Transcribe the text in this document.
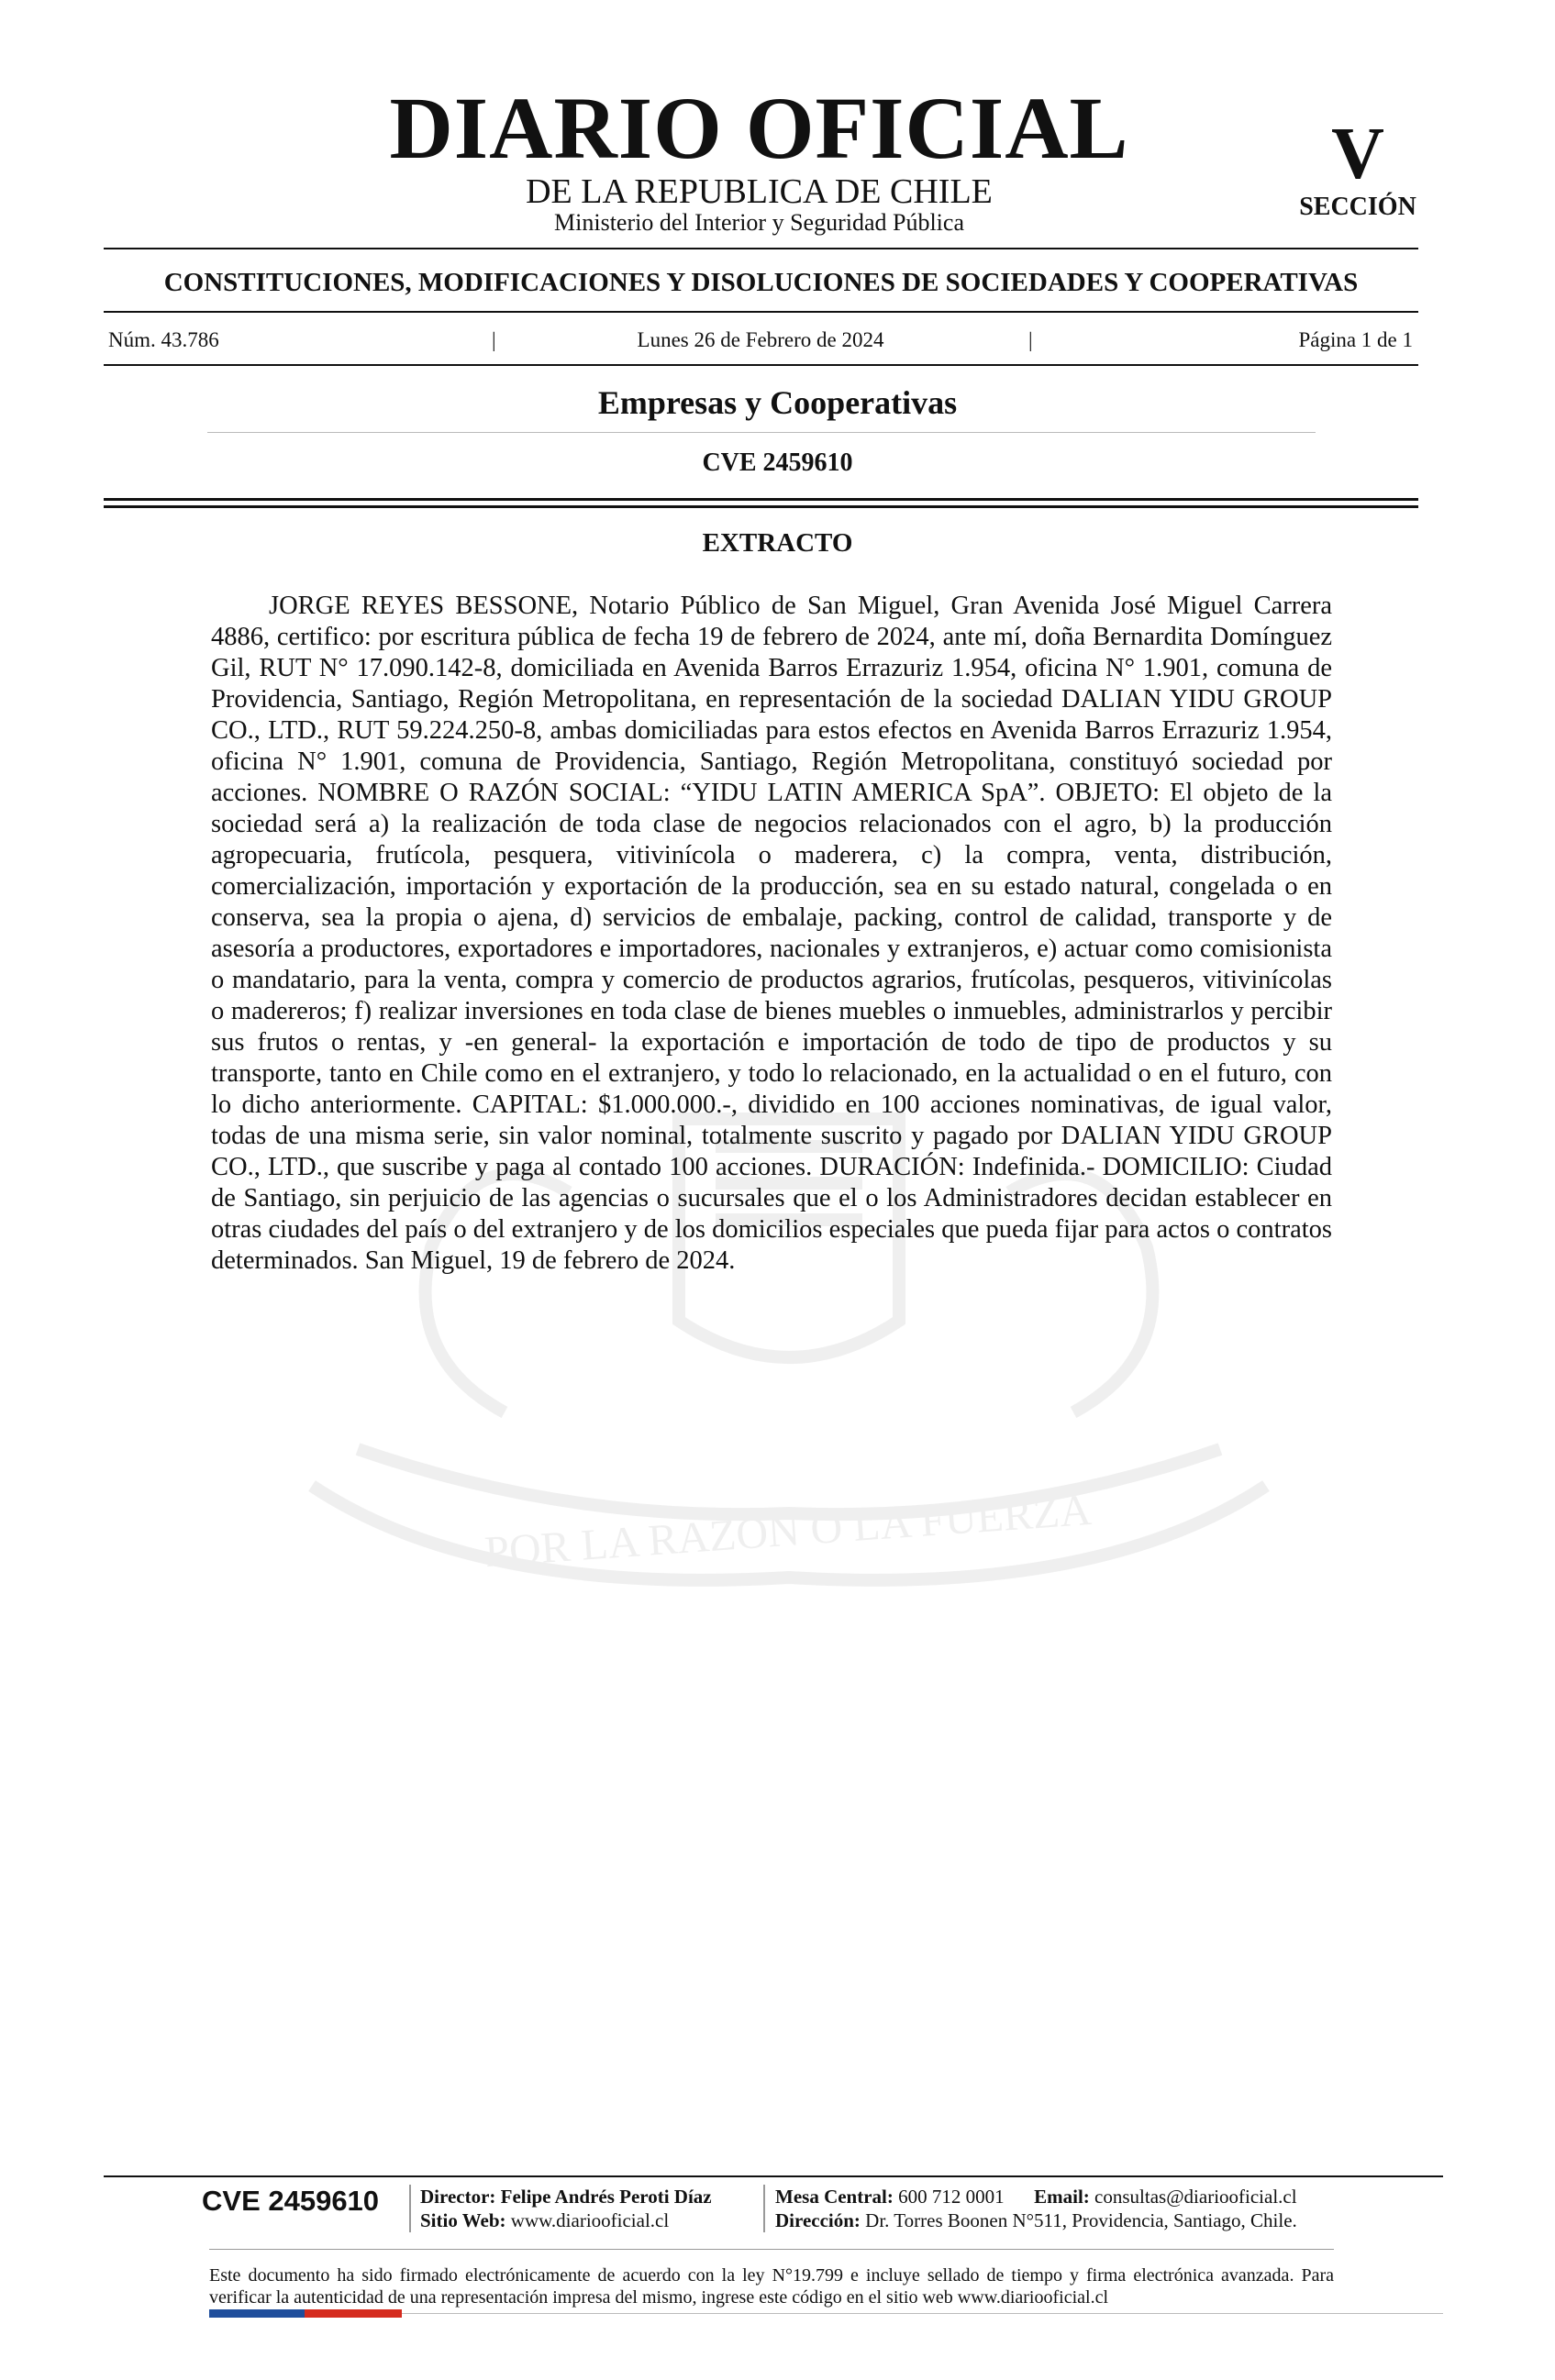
DIARIO OFICIAL
DE LA REPUBLICA DE CHILE
Ministerio del Interior y Seguridad Pública
V
SECCIÓN
CONSTITUCIONES, MODIFICACIONES Y DISOLUCIONES DE SOCIEDADES Y COOPERATIVAS
Núm. 43.786	|	Lunes 26 de Febrero de 2024	|	Página 1 de 1
Empresas y Cooperativas
CVE 2459610
POR LA RAZON O LA FUERZA
EXTRACTO

JORGE REYES BESSONE, Notario Público de San Miguel, Gran Avenida José Miguel Carrera 4886, certifico: por escritura pública de fecha 19 de febrero de 2024, ante mí, doña Bernardita Domínguez Gil, RUT N° 17.090.142-8, domiciliada en Avenida Barros Errazuriz 1.954, oficina N° 1.901, comuna de Providencia, Santiago, Región Metropolitana, en representación de la sociedad DALIAN YIDU GROUP CO., LTD., RUT 59.224.250-8, ambas domiciliadas para estos efectos en Avenida Barros Errazuriz 1.954, oficina N° 1.901, comuna de Providencia, Santiago, Región Metropolitana, constituyó sociedad por acciones. NOMBRE O RAZÓN SOCIAL: “YIDU LATIN AMERICA SpA”. OBJETO: El objeto de la sociedad será a) la realización de toda clase de negocios relacionados con el agro, b) la producción agropecuaria, frutícola, pesquera, vitivinícola o maderera, c) la compra, venta, distribución, comercialización, importación y exportación de la producción, sea en su estado natural, congelada o en conserva, sea la propia o ajena, d) servicios de embalaje, packing, control de calidad, transporte y de asesoría a productores, exportadores e importadores, nacionales y extranjeros, e) actuar como comisionista o mandatario, para la venta, compra y comercio de productos agrarios, frutícolas, pesqueros, vitivinícolas o madereros; f) realizar inversiones en toda clase de bienes muebles o inmuebles, administrarlos y percibir sus frutos o rentas, y -en general- la exportación e importación de todo de tipo de productos y su transporte, tanto en Chile como en el extranjero, y todo lo relacionado, en la actualidad o en el futuro, con lo dicho anteriormente. CAPITAL: $1.000.000.-, dividido en 100 acciones nominativas, de igual valor, todas de una misma serie, sin valor nominal, totalmente suscrito y pagado por DALIAN YIDU GROUP CO., LTD., que suscribe y paga al contado 100 acciones. DURACIÓN: Indefinida.- DOMICILIO: Ciudad de Santiago, sin perjuicio de las agencias o sucursales que el o los Administradores decidan establecer en otras ciudades del país o del extranjero y de los domicilios especiales que pueda fijar para actos o contratos determinados. San Miguel, 19 de febrero de 2024.

CVE 2459610 Director: Felipe Andrés Peroti Díaz
Sitio Web: www.diariooficial.cl
Mesa Central: 600 712 0001 Email: consultas@diariooficial.cl
Dirección: Dr. Torres Boonen N°511, Providencia, Santiago, Chile.

Este documento ha sido firmado electrónicamente de acuerdo con la ley N°19.799 e incluye sellado de tiempo y firma electrónica avanzada. Para verificar la autenticidad de una representación impresa del mismo, ingrese este código en el sitio web www.diariooficial.cl
